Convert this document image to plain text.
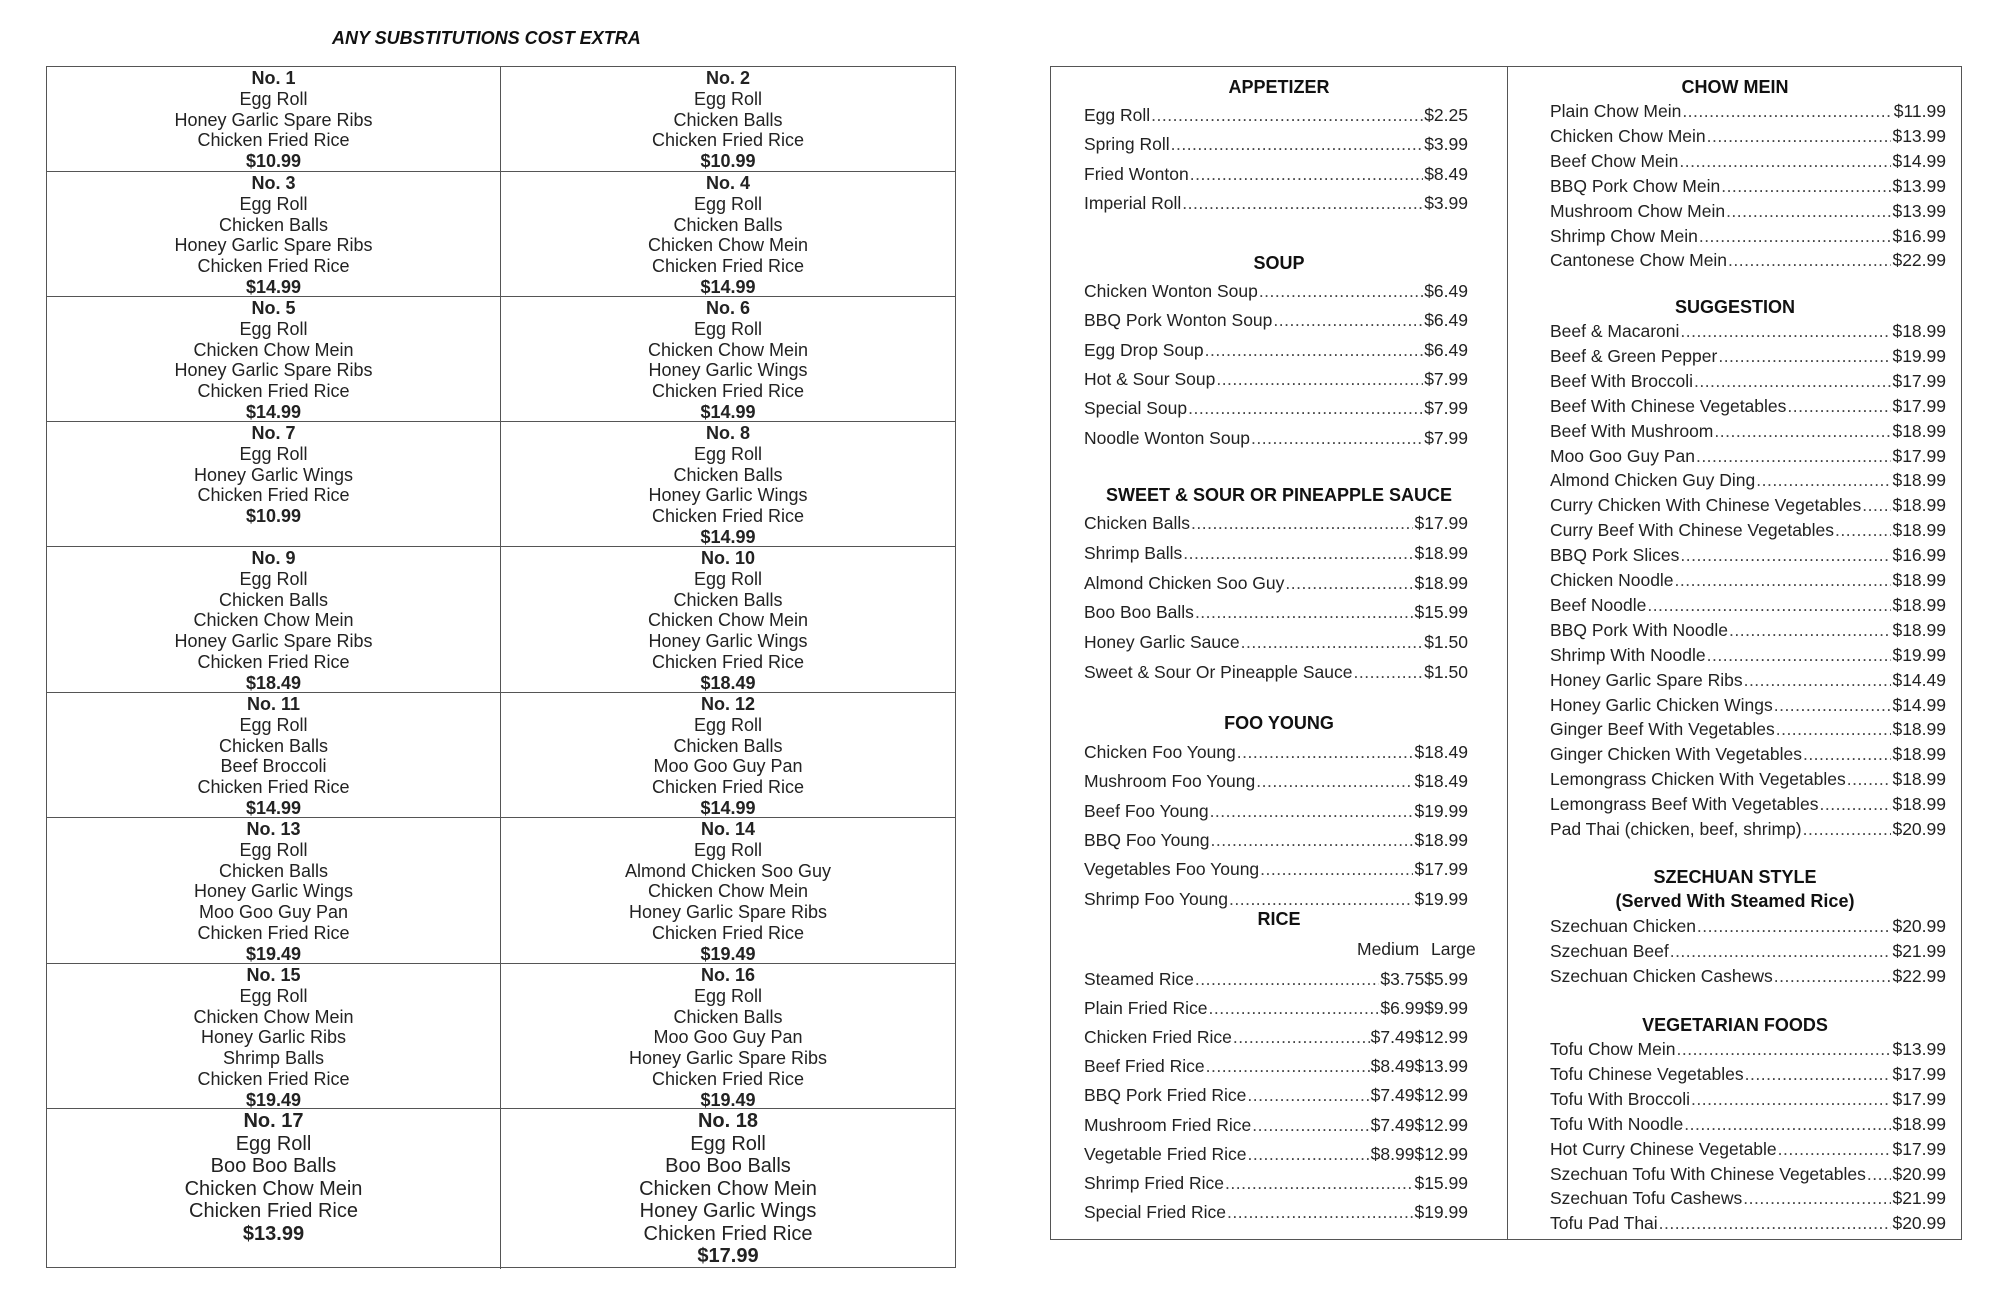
ANY SUBSTITUTIONS COST EXTRA
No. 1
Egg Roll
Honey Garlic Spare Ribs
Chicken Fried Rice
$10.99
No. 2
Egg Roll
Chicken Balls
Chicken Fried Rice
$10.99
No. 3
Egg Roll
Chicken Balls
Honey Garlic Spare Ribs
Chicken Fried Rice
$14.99
No. 4
Egg Roll
Chicken Balls
Chicken Chow Mein
Chicken Fried Rice
$14.99
No. 5
Egg Roll
Chicken Chow Mein
Honey Garlic Spare Ribs
Chicken Fried Rice
$14.99
No. 6
Egg Roll
Chicken Chow Mein
Honey Garlic Wings
Chicken Fried Rice
$14.99
No. 7
Egg Roll
Honey Garlic Wings
Chicken Fried Rice
$10.99
No. 8
Egg Roll
Chicken Balls
Honey Garlic Wings
Chicken Fried Rice
$14.99
No. 9
Egg Roll
Chicken Balls
Chicken Chow Mein
Honey Garlic Spare Ribs
Chicken Fried Rice
$18.49
No. 10
Egg Roll
Chicken Balls
Chicken Chow Mein
Honey Garlic Wings
Chicken Fried Rice
$18.49
No. 11
Egg Roll
Chicken Balls
Beef Broccoli
Chicken Fried Rice
$14.99
No. 12
Egg Roll
Chicken Balls
Moo Goo Guy Pan
Chicken Fried Rice
$14.99
No. 13
Egg Roll
Chicken Balls
Honey Garlic Wings
Moo Goo Guy Pan
Chicken Fried Rice
$19.49
No. 14
Egg Roll
Almond Chicken Soo Guy
Chicken Chow Mein
Honey Garlic Spare Ribs
Chicken Fried Rice
$19.49
No. 15
Egg Roll
Chicken Chow Mein
Honey Garlic Ribs
Shrimp Balls
Chicken Fried Rice
$19.49
No. 16
Egg Roll
Chicken Balls
Moo Goo Guy Pan
Honey Garlic Spare Ribs
Chicken Fried Rice
$19.49
No. 17
Egg Roll
Boo Boo Balls
Chicken Chow Mein
Chicken Fried Rice
$13.99
No. 18
Egg Roll
Boo Boo Balls
Chicken Chow Mein
Honey Garlic Wings
Chicken Fried Rice
$17.99
APPETIZER
Egg Roll .....	$2.25
Spring Roll .....	$3.99
Fried Wonton .....	$8.49
Imperial Roll .....	$3.99
SOUP
Chicken Wonton Soup .....	$6.49
BBQ Pork Wonton Soup .....	$6.49
Egg Drop Soup .....	$6.49
Hot & Sour Soup .....	$7.99
Special Soup .....	$7.99
Noodle Wonton Soup .....	$7.99
SWEET & SOUR OR PINEAPPLE SAUCE
Chicken Balls .....	$17.99
Shrimp Balls .....	$18.99
Almond Chicken Soo Guy .....	$18.99
Boo Boo Balls .....	$15.99
Honey Garlic Sauce .....	$1.50
Sweet & Sour Or Pineapple Sauce .....	$1.50
FOO YOUNG
Chicken Foo Young .....	$18.49
Mushroom Foo Young .....	$18.49
Beef Foo Young .....	$19.99
BBQ Foo Young .....	$18.99
Vegetables Foo Young .....	$17.99
Shrimp Foo Young .....	$19.99
RICE
Medium Large
Steamed Rice .....	$3.75 $5.99
Plain Fried Rice .....	$6.99 $9.99
Chicken Fried Rice .....	$7.49 $12.99
Beef Fried Rice .....	$8.49 $13.99
BBQ Pork Fried Rice .....	$7.49 $12.99
Mushroom Fried Rice .....	$7.49 $12.99
Vegetable Fried Rice .....	$8.99 $12.99
Shrimp Fried Rice .....	$15.99
Special Fried Rice .....	$19.99
CHOW MEIN
Plain Chow Mein .....	$11.99
Chicken Chow Mein .....	$13.99
Beef Chow Mein .....	$14.99
BBQ Pork Chow Mein .....	$13.99
Mushroom Chow Mein .....	$13.99
Shrimp Chow Mein .....	$16.99
Cantonese Chow Mein .....	$22.99
SUGGESTION
Beef & Macaroni .....	$18.99
Beef & Green Pepper .....	$19.99
Beef With Broccoli .....	$17.99
Beef With Chinese Vegetables .....	$17.99
Beef With Mushroom .....	$18.99
Moo Goo Guy Pan .....	$17.99
Almond Chicken Guy Ding .....	$18.99
Curry Chicken With Chinese Vegetables ..... $18.99
Curry Beef With Chinese Vegetables .....	$18.99
BBQ Pork Slices .....	$16.99
Chicken Noodle .....	$18.99
Beef Noodle .....	$18.99
BBQ Pork With Noodle .....	$18.99
Shrimp With Noodle .....	$19.99
Honey Garlic Spare Ribs .....	$14.49
Honey Garlic Chicken Wings .....	$14.99
Ginger Beef With Vegetables .....	$18.99
Ginger Chicken With Vegetables .....	$18.99
Lemongrass Chicken With Vegetables .....	$18.99
Lemongrass Beef With Vegetables .....	$18.99
Pad Thai (chicken, beef, shrimp) .....	$20.99
SZECHUAN STYLE
(Served With Steamed Rice)
Szechuan Chicken .....	$20.99
Szechuan Beef .....	$21.99
Szechuan Chicken Cashews .....	$22.99
VEGETARIAN FOODS
Tofu Chow Mein .....	$13.99
Tofu Chinese Vegetables .....	$17.99
Tofu With Broccoli .....	$17.99
Tofu With Noodle .....	$18.99
Hot Curry Chinese Vegetable .....	$17.99
Szechuan Tofu With Chinese Vegetables ..... $20.99
Szechuan Tofu Cashews .....	$21.99
Tofu Pad Thai .....	$20.99
